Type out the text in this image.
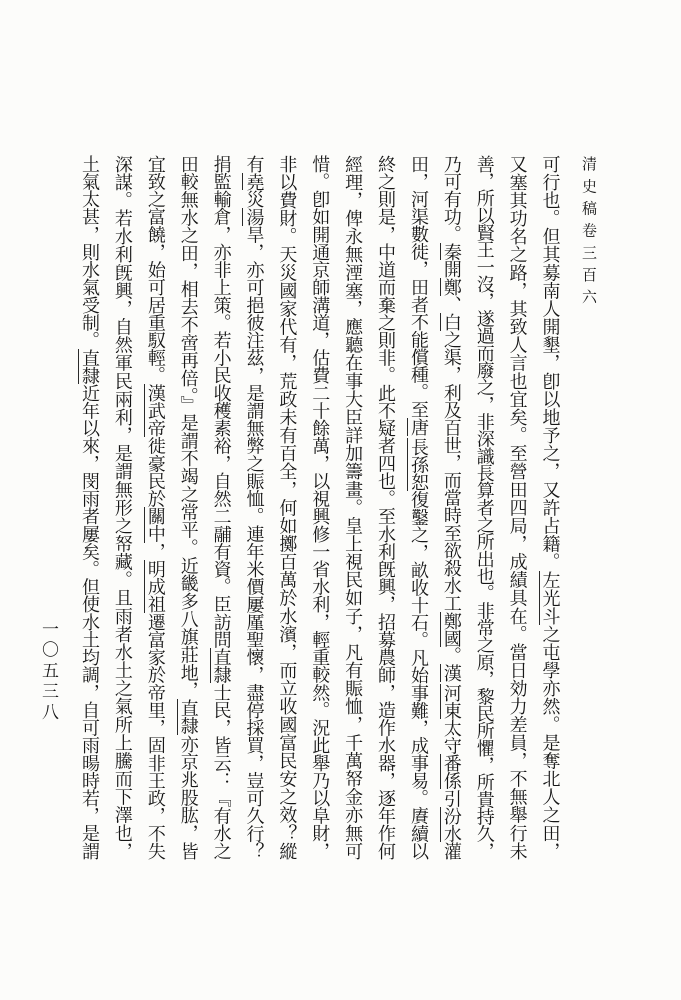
清史稿卷三百六
可行也。但其募南人開墾，卽以地予之，又許占籍。左光斗之屯學亦然。是奪北人之田，
又塞其功名之路，其致人言也宜矣。至營田四局，成績具在。當日効力差員，不無舉行未
善，所以賢王一沒，遂過而廢之，非深識長算者之所出也。非常之原，黎民所懼，所貴持久，
乃可有功。秦開鄭、白之渠，利及百世，而當時至欲殺水工鄭國。漢河東太守番係引汾水灌
田，河渠數徙，田者不能償種。至唐長孫恕復鑿之，畝收十石。凡始事難，成事易。賡續以
終之則是，中道而棄之則非。此不疑者四也。至水利旣興，招募農師，造作水器，逐年作何
經理，俾永無湮塞，應聽在事大臣詳加籌畫。皇上視民如子，凡有賑恤，千萬帑金亦無可
惜。卽如開通京師溝道，估費二十餘萬，以視興修一省水利，輕重較然。況此舉乃以阜財，
非以費財。天災國家代有，荒政未有百全，何如擲百萬於水濱，而立收國富民安之效？縱
有堯災湯旱，亦可挹彼注茲，是謂無弊之賑恤。連年米價屢厪聖懷，盡停採買，豈可久行？
捐監輸倉，亦非上策。若小民收穫素裕，自然二鬴有資。臣訪問直隸士民，皆云：『有水之
田較無水之田，相去不啻再倍。』是謂不竭之常平。近畿多八旗莊地，直隸亦京兆股肱，皆
宜致之富饒，始可居重馭輕。漢武帝徙豪民於關中，明成祖遷富家於帝里，固非王政，不失
深謀。若水利旣興，自然軍民兩利，是謂無形之帑藏。且雨者水土之氣所上騰而下澤也，
土氣太甚，則水氣受制。直隸近年以來，閔雨者屢矣。但使水土均調，自可雨暘時若，是謂
一〇五三八
